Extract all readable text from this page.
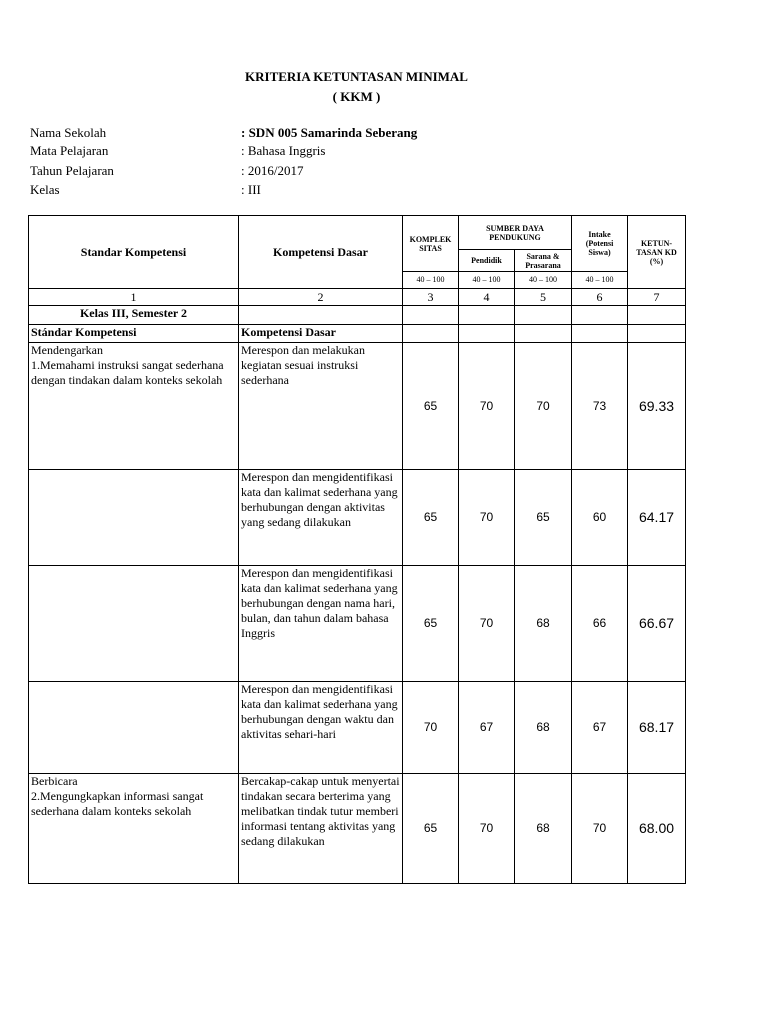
KRITERIA KETUNTASAN MINIMAL
( KKM )
Nama Sekolah	: SDN 005 Samarinda Seberang
Mata Pelajaran	: Bahasa Inggris
Tahun Pelajaran	: 2016/2017
Kelas	: III
Standar Kompetensi	Kompetensi Dasar	KOMPLEK SITAS	SUMBER DAYA PENDUKUNG		Intake (Potensi Siswa)	KETUN-TASAN KD (%)
			Pendidik	Sarana & Prasarana		
		40 – 100	40 – 100	40 – 100	40 – 100	
1	2	3	4	5	6	7
Kelas III, Semester 2						
Stándar Kompetensi	Kompetensi Dasar					
Mendengarkan
1.Memahami instruksi sangat sederhana dengan tindakan dalam konteks sekolah	Merespon dan melakukan kegiatan sesuai instruksi sederhana	65	70	70	73	69.33
	Merespon dan mengidentifikasi kata dan kalimat sederhana yang berhubungan dengan aktivitas yang sedang dilakukan	65	70	65	60	64.17
	Merespon dan mengidentifikasi kata dan kalimat sederhana yang berhubungan dengan nama hari, bulan, dan tahun dalam bahasa Inggris	65	70	68	66	66.67
	Merespon dan mengidentifikasi kata dan kalimat sederhana yang berhubungan dengan waktu dan aktivitas sehari-hari	70	67	68	67	68.17
Berbicara
2.Mengungkapkan informasi sangat sederhana dalam konteks sekolah	Bercakap-cakap untuk menyertai tindakan secara berterima yang melibatkan tindak tutur memberi informasi tentang aktivitas yang sedang dilakukan	65	70	68	70	68.00
